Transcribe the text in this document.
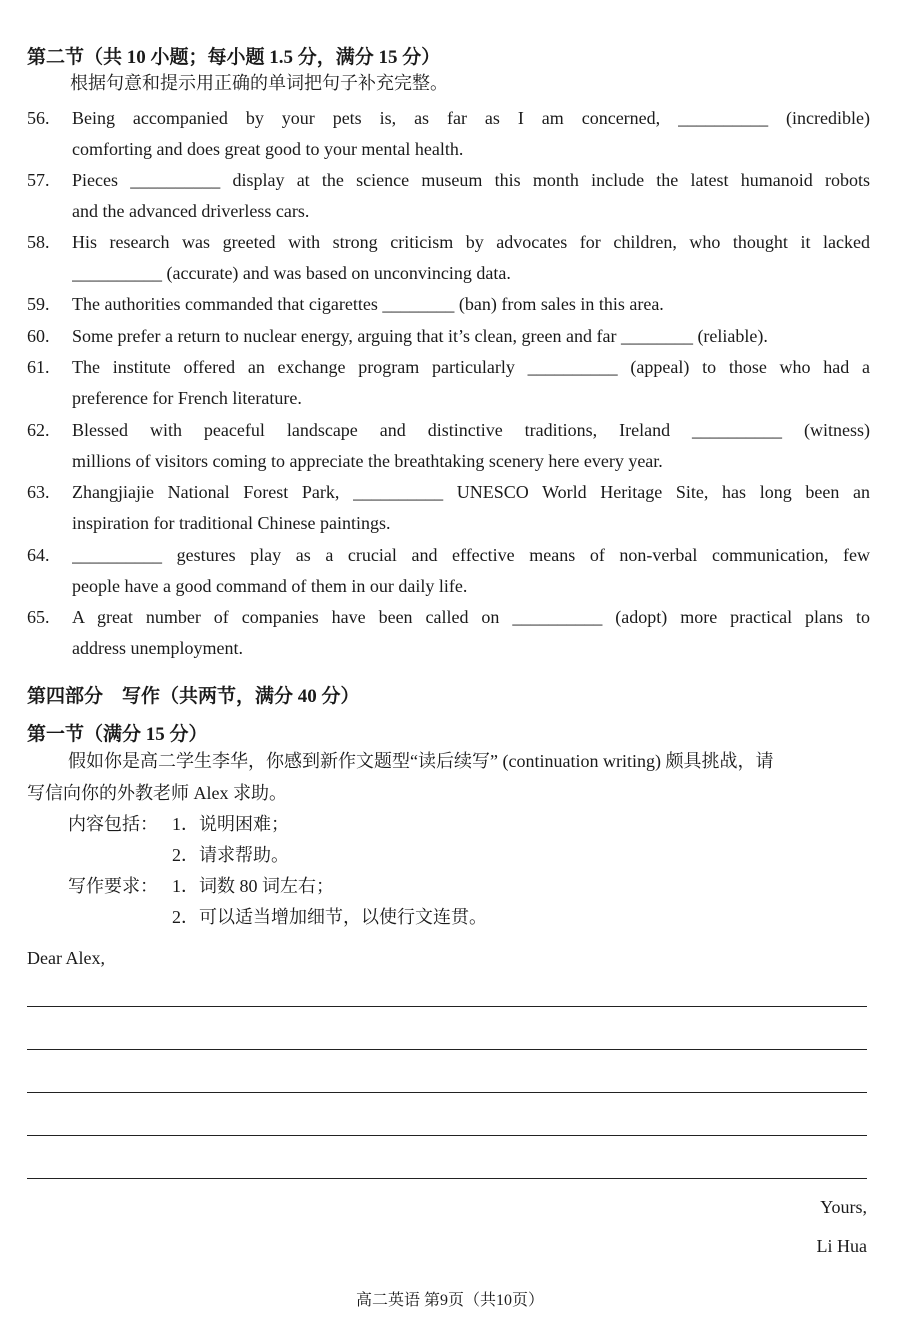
第二节（共 10 小题；每小题 1.5 分，满分 15 分）
根据句意和提示用正确的单词把句子补充完整。
56. Being accompanied by your pets is, as far as I am concerned, __________ (incredible)
comforting and does great good to your mental health.
57. Pieces __________ display at the science museum this month include the latest humanoid robots
and the advanced driverless cars.
58. His research was greeted with strong criticism by advocates for children, who thought it lacked
__________ (accurate) and was based on unconvincing data.
59. The authorities commanded that cigarettes ________ (ban) from sales in this area.
60. Some prefer a return to nuclear energy, arguing that it’s clean, green and far ________ (reliable).
61. The institute offered an exchange program particularly __________ (appeal) to those who had a
preference for French literature.
62. Blessed with peaceful landscape and distinctive traditions, Ireland __________ (witness)
millions of visitors coming to appreciate the breathtaking scenery here every year.
63. Zhangjiajie National Forest Park, __________ UNESCO World Heritage Site, has long been an
inspiration for traditional Chinese paintings.
64. __________ gestures play as a crucial and effective means of non-verbal communication, few
people have a good command of them in our daily life.
65. A great number of companies have been called on __________ (adopt) more practical plans to
address unemployment.
第四部分　写作（共两节，满分 40 分）
第一节（满分 15 分）
假如你是高二学生李华，你感到新作文题型“读后续写” (continuation writing) 颇具挑战，请
写信向你的外教老师 Alex 求助。
内容包括： 1．说明困难；
2．请求帮助。
写作要求： 1．词数 80 词左右；
2．可以适当增加细节，以使行文连贯。
Dear Alex,
Yours,
Li Hua
高二英语 第9页（共10页）
